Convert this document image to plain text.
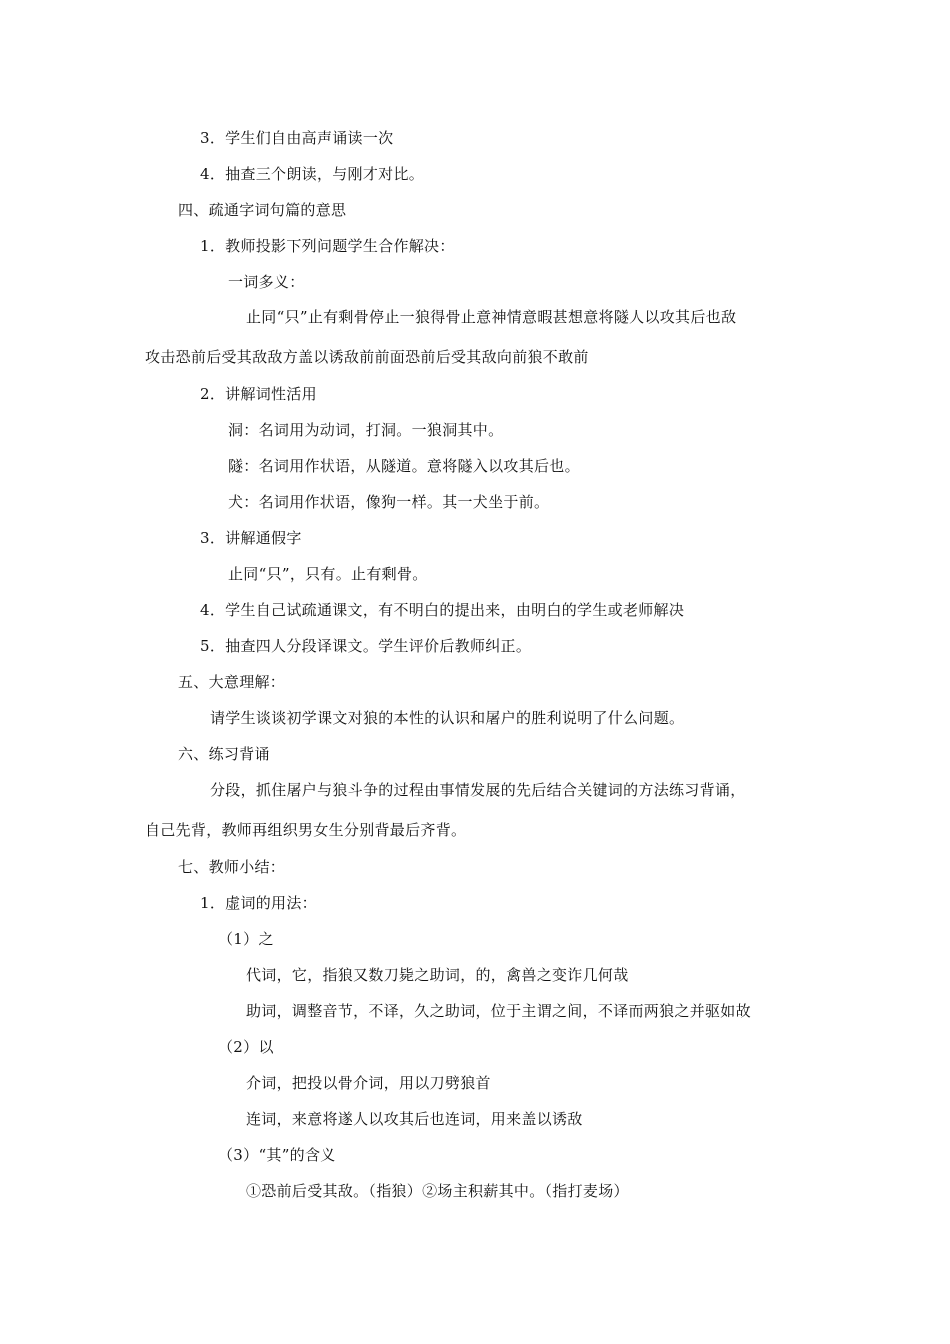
3．学生们自由高声诵读一次
4．抽查三个朗读，与刚才对比。
四、疏通字词句篇的意思
1．教师投影下列问题学生合作解决：
一词多义：
止同“只”止有剩骨停止一狼得骨止意神情意暇甚想意将隧人以攻其后也敌
攻击恐前后受其敌敌方盖以诱敌前前面恐前后受其敌向前狼不敢前
2．讲解词性活用
洞：名词用为动词，打洞。一狼洞其中。
隧：名词用作状语，从隧道。意将隧入以攻其后也。
犬：名词用作状语，像狗一样。其一犬坐于前。
3．讲解通假字
止同“只”，只有。止有剩骨。
4．学生自己试疏通课文，有不明白的提出来，由明白的学生或老师解决
5．抽查四人分段译课文。学生评价后教师纠正。
五、大意理解：
请学生谈谈初学课文对狼的本性的认识和屠户的胜利说明了什么问题。
六、练习背诵
分段，抓住屠户与狼斗争的过程由事情发展的先后结合关键词的方法练习背诵，
自己先背，教师再组织男女生分别背最后齐背。
七、教师小结：
1．虚词的用法：
（1）之
代词，它，指狼又数刀毙之助词，的，禽兽之变诈几何哉
助词，调整音节，不译，久之助词，位于主谓之间，不译而两狼之并驱如故
（2）以
介词，把投以骨介词，用以刀劈狼首
连词，来意将遂人以攻其后也连词，用来盖以诱敌
（3）“其”的含义
①恐前后受其敌。（指狼）②场主积薪其中。（指打麦场）
